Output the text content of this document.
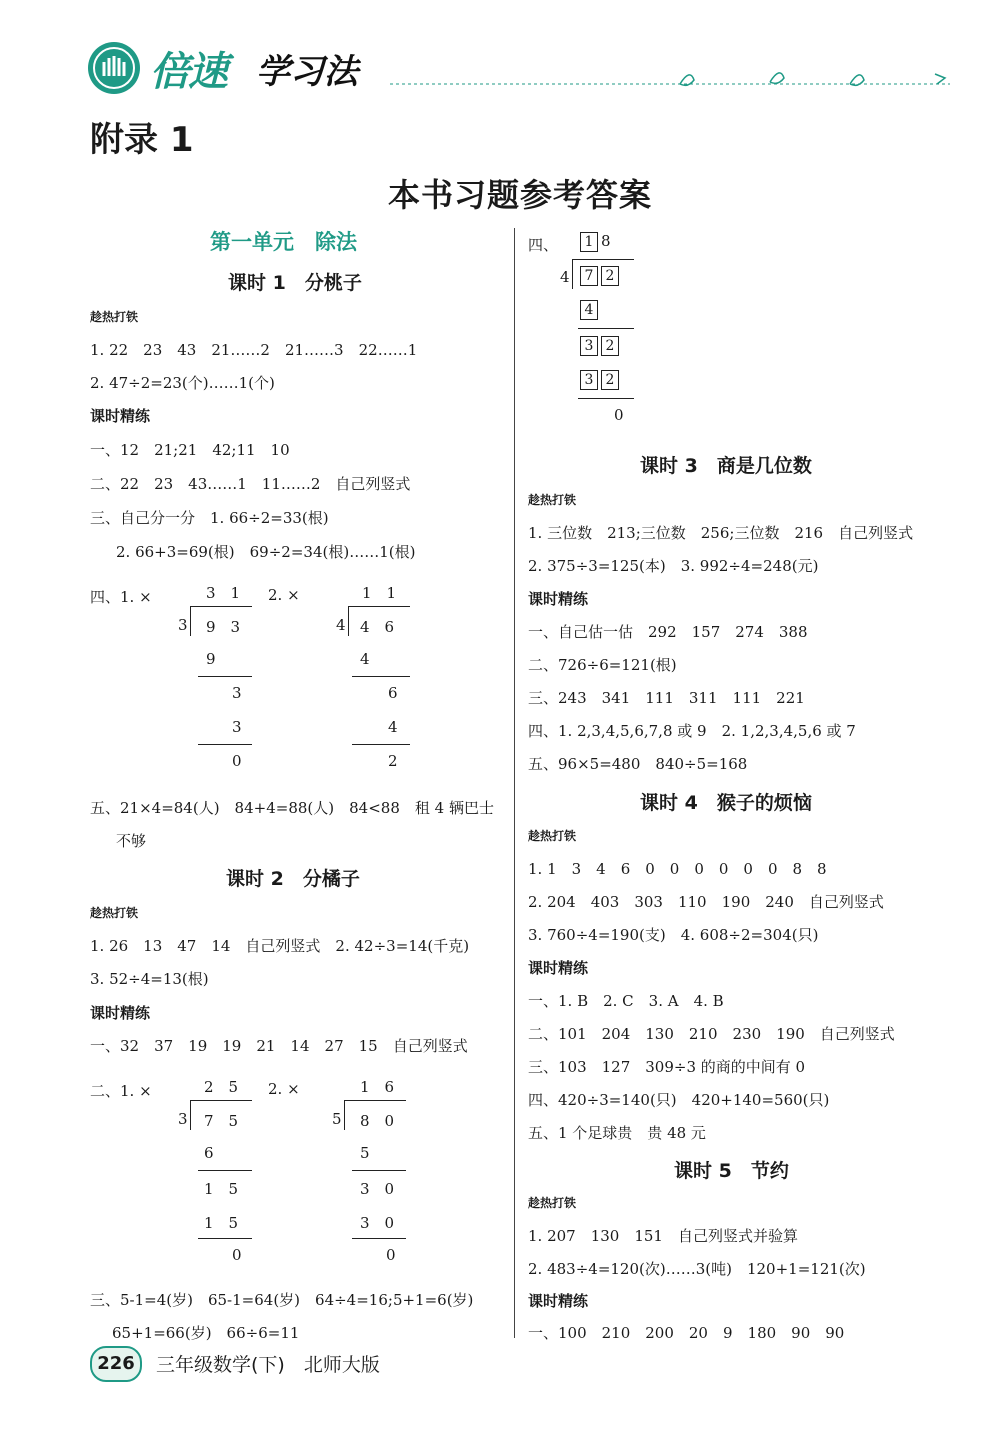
倍速 学习法
附录 1
本书习题参考答案
第一单元　除法
课时 1　分桃子
趁热打铁
1. 22　23　43　21……2　21……3　22……1
2. 47÷2=23(个)……1(个)
课时精练
一、12　21;21　42;11　10
二、22　23　43……1　11……2　自己列竖式
三、自己分一分　1. 66÷2=33(根)
2. 66+3=69(根)　69÷2=34(根)……1(根)
四、1. ×	2. ×
3　1
3 9　3
9
3
3
0
1　1
4 4　6
4
6
4
2
五、21×4=84(人)　84+4=88(人)　84<88　租 4 辆巴士
不够
课时 2　分橘子
趁热打铁
1. 26　13　47　14　自己列竖式　2. 42÷3=14(千克)
3. 52÷4=13(根)
课时精练
一、32　37　19　19　21　14　27　15　自己列竖式
二、1. ×	2. ×
2　5
3 7　5
6
1　5
1　5
0
1　6
5 8　0
5
3　0
3　0
0
三、5-1=4(岁)　65-1=64(岁)　64÷4=16;5+1=6(岁)
65+1=66(岁)　66÷6=11
四、	1 8
4	7 2
4
3 2
3 2
0
课时 3　商是几位数
趁热打铁
1. 三位数　213;三位数　256;三位数　216　自己列竖式
2. 375÷3=125(本)　3. 992÷4=248(元)
课时精练
一、自己估一估　292　157　274　388
二、726÷6=121(根)
三、243　341　111　311　111　221
四、1. 2,3,4,5,6,7,8 或 9　2. 1,2,3,4,5,6 或 7
五、96×5=480　840÷5=168
课时 4　猴子的烦恼
趁热打铁
1. 1　3　4　6　0　0　0　0　0　0　8　8
2. 204　403　303　110　190　240　自己列竖式
3. 760÷4=190(支)　4. 608÷2=304(只)
课时精练
一、1. B　2. C　3. A　4. B
二、101　204　130　210　230　190　自己列竖式
三、103　127　309÷3 的商的中间有 0
四、420÷3=140(只)　420+140=560(只)
五、1 个足球贵　贵 48 元
课时 5　节约
趁热打铁
1. 207　130　151　自己列竖式并验算
2. 483÷4=120(次)……3(吨)　120+1=121(次)
课时精练
一、100　210　200　20　9　180　90　90
226	三年级数学(下)　北师大版
